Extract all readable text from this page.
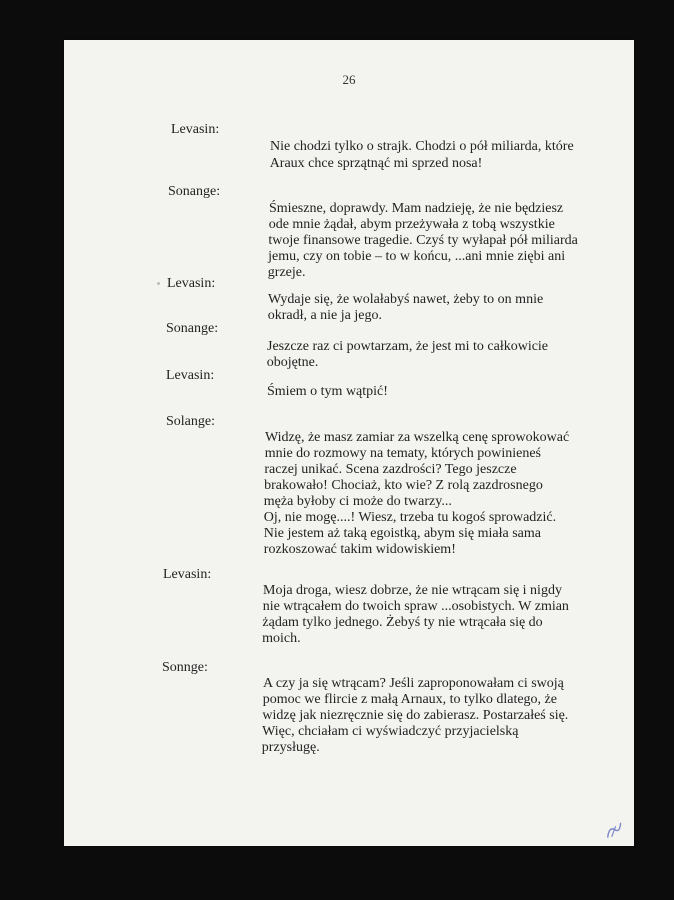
26
Levasin:
Nie chodzi tylko o strajk. Chodzi o pół miliarda, które
Araux chce sprzątnąć mi sprzed nosa!
Sonange:
Śmieszne, doprawdy. Mam nadzieję, że nie będziesz
ode mnie żądał, abym przeżywała z tobą wszystkie
twoje finansowe tragedie. Czyś ty wyłapał pół miliarda
jemu, czy on tobie – to w końcu, ...ani mnie ziębi ani
grzeje.
Levasin:
Wydaje się, że wolałabyś nawet, żeby to on mnie
okradł, a nie ja jego.
Sonange:
Jeszcze raz ci powtarzam, że jest mi to całkowicie
obojętne.
Levasin:
Śmiem o tym wątpić!
Solange:
Widzę, że masz zamiar za wszelką cenę sprowokować
mnie do rozmowy na tematy, których powinieneś
raczej unikać. Scena zazdrości? Tego jeszcze
brakowało! Chociaż, kto wie? Z rolą zazdrosnego
męża byłoby ci może do twarzy...
Oj, nie mogę....! Wiesz, trzeba tu kogoś sprowadzić.
Nie jestem aż taką egoistką, abym się miała sama
rozkoszować takim widowiskiem!
Levasin:
Moja droga, wiesz dobrze, że nie wtrącam się i nigdy
nie wtrącałem do twoich spraw ...osobistych. W zmian
żądam tylko jednego. Żebyś ty nie wtrącała się do
moich.
Sonnge:
A czy ja się wtrącam? Jeśli zaproponowałam ci swoją
pomoc we flircie z małą Arnaux, to tylko dlatego, że
widzę jak niezręcznie się do zabierasz. Postarzałeś się.
Więc, chciałam ci wyświadczyć przyjacielską
przysługę.
